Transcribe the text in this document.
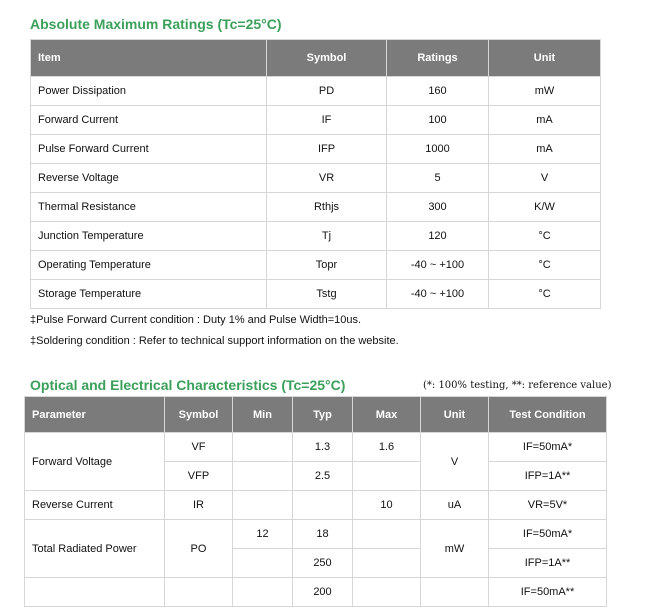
Absolute Maximum Ratings (Tc=25°C)
Item	Symbol	Ratings	Unit
Power Dissipation	PD	160	mW
Forward Current	IF	100	mA
Pulse Forward Current	IFP	1000	mA
Reverse Voltage	VR	5	V
Thermal Resistance	Rthjs	300	K/W
Junction Temperature	Tj	120	°C
Operating Temperature	Topr	-40 ~ +100	°C
Storage Temperature	Tstg	-40 ~ +100	°C
‡Pulse Forward Current condition : Duty 1% and Pulse Width=10us.
‡Soldering condition : Refer to technical support information on the website.
Optical and Electrical Characteristics (Tc=25°C)	(*: 100% testing, **: reference value)
Parameter	Symbol	Min	Typ	Max	Unit	Test Condition
Forward Voltage	VF		1.3	1.6	V	IF=50mA*
	VFP		2.5			IFP=1A**
Reverse Current	IR			10	uA	VR=5V*
Total Radiated Power	PO	12	18		mW	IF=50mA*
			250			IFP=1A**
			200			IF=50mA**
